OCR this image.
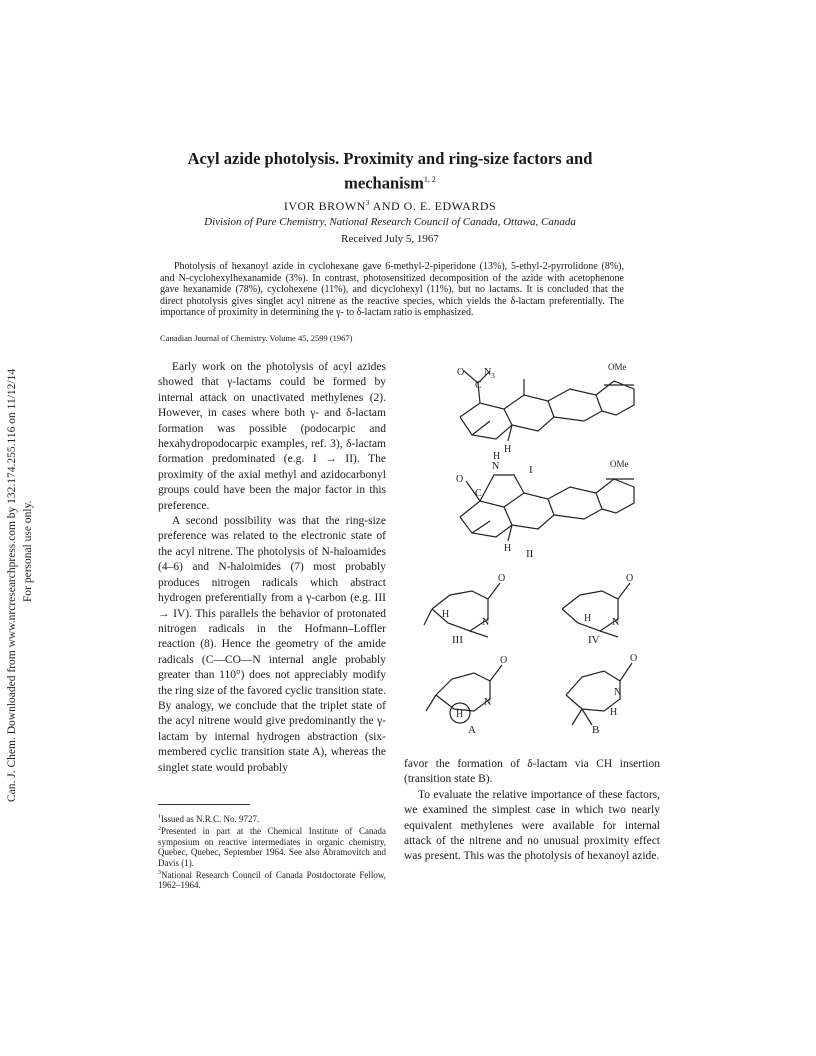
Can. J. Chem. Downloaded from www.nrcresearchpress.com by 132.174.255.116 on 11/12/14 For personal use only.
Acyl azide photolysis. Proximity and ring-size factors and
mechanism$^{1, 2}$
IVOR BROWN$^3$ AND O. E. EDWARDS
Division of Pure Chemistry, National Research Council of Canada, Ottawa, Canada
Received July 5, 1967
Photolysis of hexanoyl azide in cyclohexane gave 6-methyl-2-piperidone (13%), 5-ethyl-2-pyrrolidone (8%), and N-cyclohexylhexanamide (3%). In contrast, photosensitized decomposition of the azide with acetophenone gave hexanamide (78%), cyclohexene (11%), and dicyclohexyl (11%), but no lactams. It is concluded that the direct photolysis gives singlet acyl nitrene as the reactive species, which yields the δ-lactam preferentially. The importance of proximity in determining the γ- to δ-lactam ratio is emphasized.
Canadian Journal of Chemistry. Volume 45, 2599 (1967)

Early work on the photolysis of acyl azides showed that γ-lactams could be formed by internal attack on unactivated methylenes (2). However, in cases where both γ- and δ-lactam formation was possible (podocarpic and hexahydropodocarpic examples, ref. 3), δ-lactam formation predominated (e.g. I → II). The proximity of the axial methyl and azidocarbonyl groups could have been the major factor in this preference.

A second possibility was that the ring-size preference was related to the electronic state of the acyl nitrene. The photolysis of N-haloamides (4–6) and N-haloimides (7) most probably produces nitrogen radicals which abstract hydrogen preferentially from a γ-carbon (e.g. III → IV). This parallels the behavior of protonated nitrogen radicals in the Hofmann–Loffler reaction (8). Hence the geometry of the amide radicals (C—CO—N internal angle probably greater than 110°) does not appreciably modify the ring size of the favored cyclic transition state. By analogy, we conclude that the triplet state of the acyl nitrene would give predominantly the γ-lactam by internal hydrogen abstraction (six-membered cyclic transition state A), whereas the singlet state would probably

$^1$Issued as N.R.C. No. 9727.

$^2$Presented in part at the Chemical Institute of Canada symposium on reactive intermediates in organic chemistry, Quebec, Quebec, September 1964. See also Abramovitch and Davis (1).

$^3$National Research Council of Canada Postdoctorate Fellow, 1962–1964.

favor the formation of δ-lactam via CH insertion (transition state B).

To evaluate the relative importance of these factors, we examined the simplest case in which two nearly equivalent methylenes were available for internal attack of the nitrene and no unusual proximity effect was present. This was the photolysis of hexanoyl azide.

O $N_3$
C
H
OMe
I
O
N
H
C
H
OMe
II
O
N
H
III
O
N
H
IV
O
N
H
A
O
N
H
B
